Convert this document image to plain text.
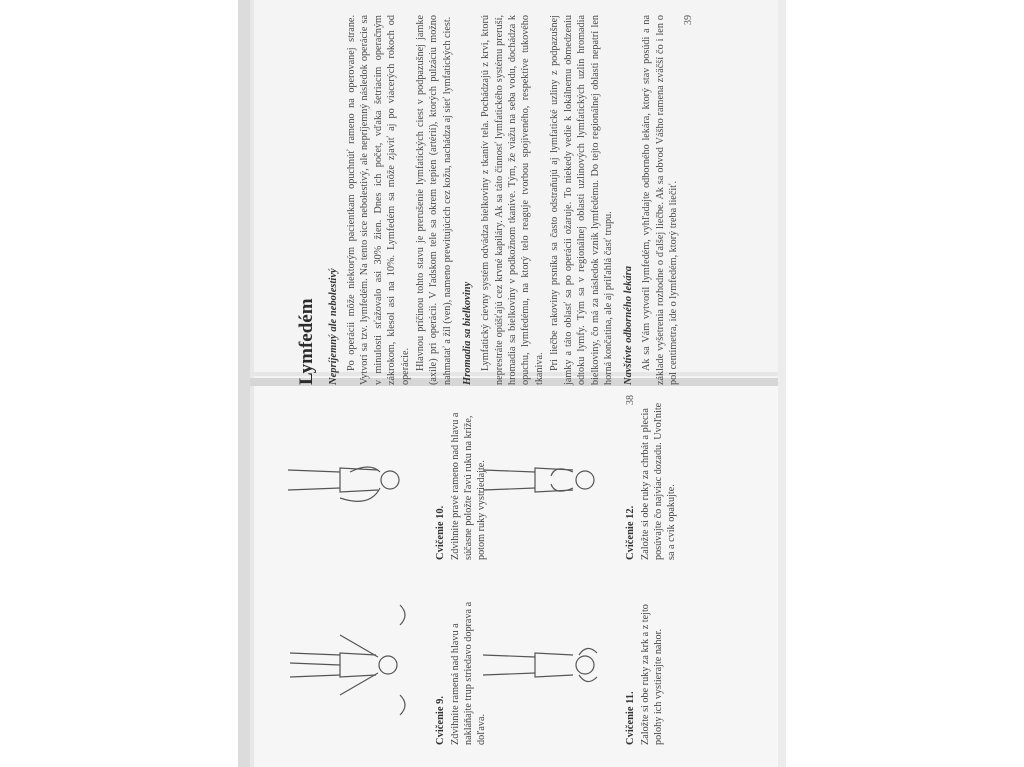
Lymfedém Nepríjemný ale nebolestivý Po operácii môže niektorým pacientkam opuchnúť rameno na operovanej strane. Vytvorí sa tzv. lymfedém. Na tento sice nebolestivý, ale nepríjemný následok operácie sa v minulosti sťažovalo asi 30% žien. Dnes ich počet, vďaka šetriacim operačným zákrokom, klesol asi na 10%. Lymfedém sa môže zjaviť aj po viacerých rokoch od operácie. Hlavnou príčinou tohto stavu je prerušenie lymfatických ciest v podpazušnej jamke (axile) pri operácii. V ľadskom tele sa okrem tepien (artérií), ktorých pulzáciu možno nahmatať a žíl (ven), nameno prewitujúcich cez kožu, nachádza aj sieť lymfatických ciest. Hromadia sa bielkoviny Lymfatický cievny systém odvádza bielkoviny z tkanív tela. Pochádzajú z krvi, ktorú neprestráte opúšťajú cez krvné kapiláry. Ak sa táto činnosť lymfatického systému preruší, hromadia sa bielkoviny v podkožnom tkanive. Tým, že viažu na seba vodu, dochádza k opuchu, lymfedému, na ktorý telo reaguje tvorbou spojiveného, respektíve tukového tkaniva. Pri liečbe rakoviny prsníka sa často odstraňujú aj lymfatické uzliny z podpazušnej jamky a táto oblasť sa po operácii ožaruje. To niekedy vedie k lokálnemu obmedzeniu odtoku lymfy. Tým sa v regionálnej oblasti uzlinových lymfatických uzlín hromadia bielkoviny, čo má za následok vznik lymfedému. Do tejto regionálnej oblasti nepatrí len horná končatina, ale aj priľahlá časť trupu. Navštívte odborného lekára Ak sa Vám vytvoril lymfedém, vyhľadajte odborného lekára, ktorý stav posúdi a na základe vyšetrenia rozhodne o ďalšej liečbe. Ak sa obvod Vášho ramena zväčší čo i len o pol centimetra, ide o lymfedém, ktorý treba liečiť.

39
Cvičenie 9. Zdvihnite ramená nad hlavu a nakláňajte trup striedavo doprava a doľava.

Cvičenie 10. Zdvihnite pravé rameno nad hlavu a súčasne položte ľavú ruku na krížе, potom ruky vystriedajte.

Cvičenie 11. Založte si obe ruky za krk a z tejto polohy ich vystierajte nahor.

Cvičenie 12. Založte si obe ruky za chrbát a plecia posúvajte čo najviac dozadu. Uvoľnite sa a cvik opakujte.

38
